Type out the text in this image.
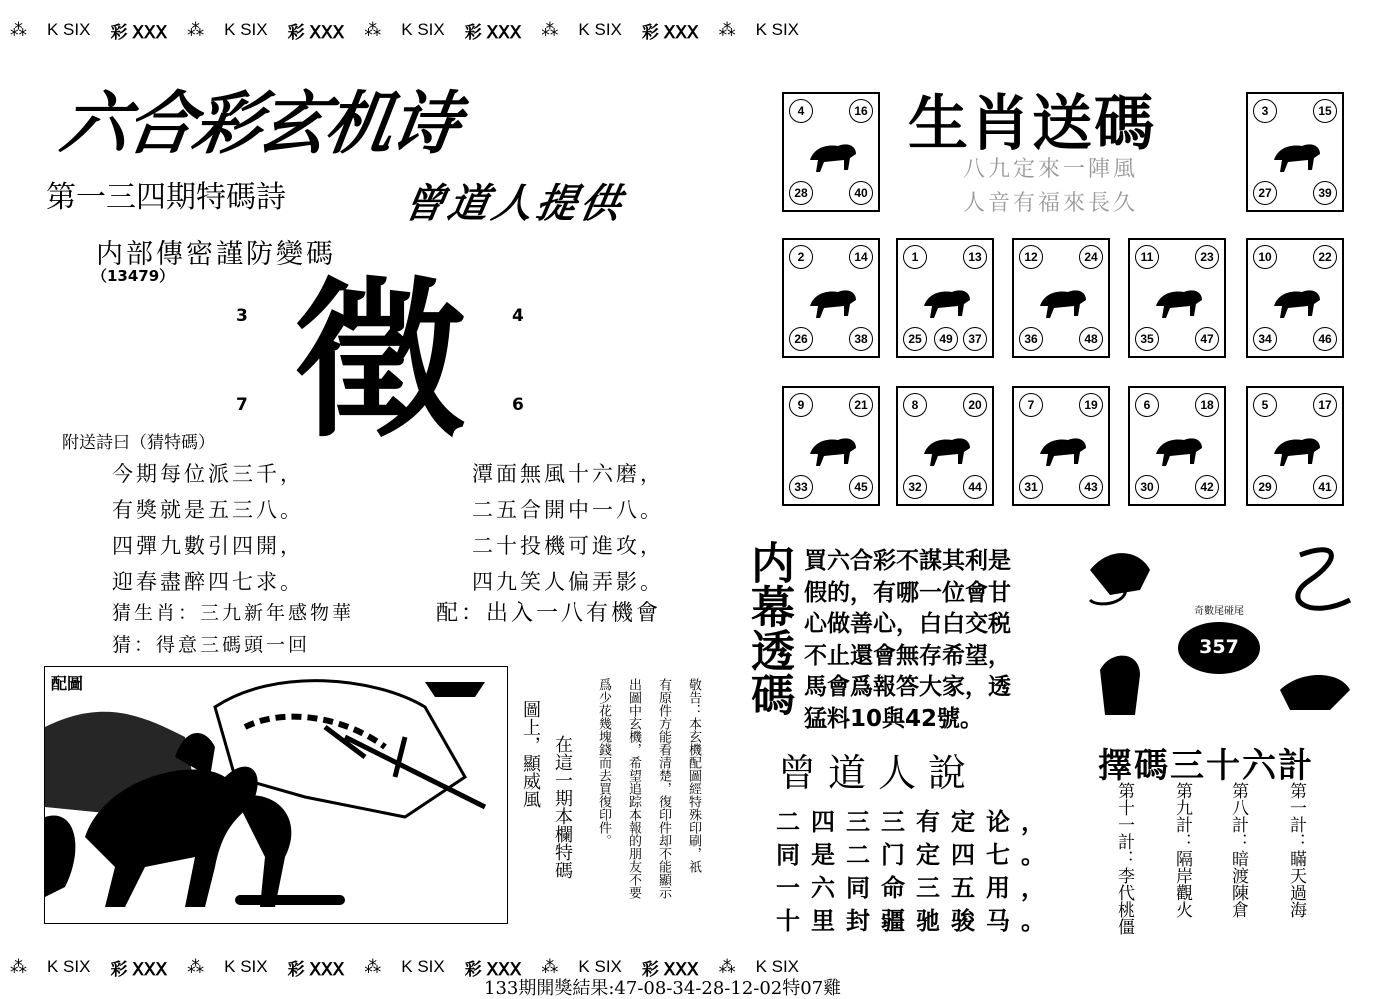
⁂ K SIX 彩 ⅩⅩⅩ ⁂ K SIX 彩 ⅩⅩⅩ ⁂ K SIX 彩 ⅩⅩⅩ ⁂ K SIX 彩 ⅩⅩⅩ ⁂ K SIX
六合彩玄机诗
第一三四期特碼詩	曾道人提供
内部傳密謹防變碼
（13479）
3	4
7	6
徵
附送詩曰（猜特碼）
今期每位派三千，
有獎就是五三八。
四彈九數引四開，
迎春盡醉四七求。
潭面無風十六磨，
二五合開中一八。
二十投機可進攻，
四九笑人偏弄影。
猜生肖：三九新年感物華	配：出入一八有機會
猜：得意三碼頭一回
配圖
圖上，顯威風 在這一期本欄特碼	敬告：本玄機配圖經特殊印刷，祇
有原件方能看清楚，復印件却不能顯示
出圖中玄機，希望追踪本報的朋友不要
爲少花幾塊錢而去買復印件。
生肖送碼
八九定來一陣風
人音有福來長久
4	16
28	40
3	15
27	39
2	14
26	38
1	13
25	37
49
12	24
36	48
11	23
35	47
10	22
34	46
9	21
33	45
8	20
32	44
7	19
31	43
6	18
30	42
5	17
29	41
内幕透碼 買六合彩不謀其利是
假的，有哪一位會甘
心做善心，白白交税
不止還會無存希望，
馬會爲報答大家，透
猛料10與42號。
曾道人說
二四三三有定论，
同是二门定四七。
一六同命三五用，
十里封疆驰骏马。
奇數尾碰尾
357
擇碼三十六計
第一計：瞞天過海
第八計：暗渡陳倉
第九計：隔岸觀火
第十一計：李代桃僵
⁂ K SIX 彩 ⅩⅩⅩ ⁂ K SIX 彩 ⅩⅩⅩ ⁂ K SIX 彩 ⅩⅩⅩ ⁂ K SIX 彩 ⅩⅩⅩ ⁂ K SIX
133期開獎結果:47-08-34-28-12-02特07雞
